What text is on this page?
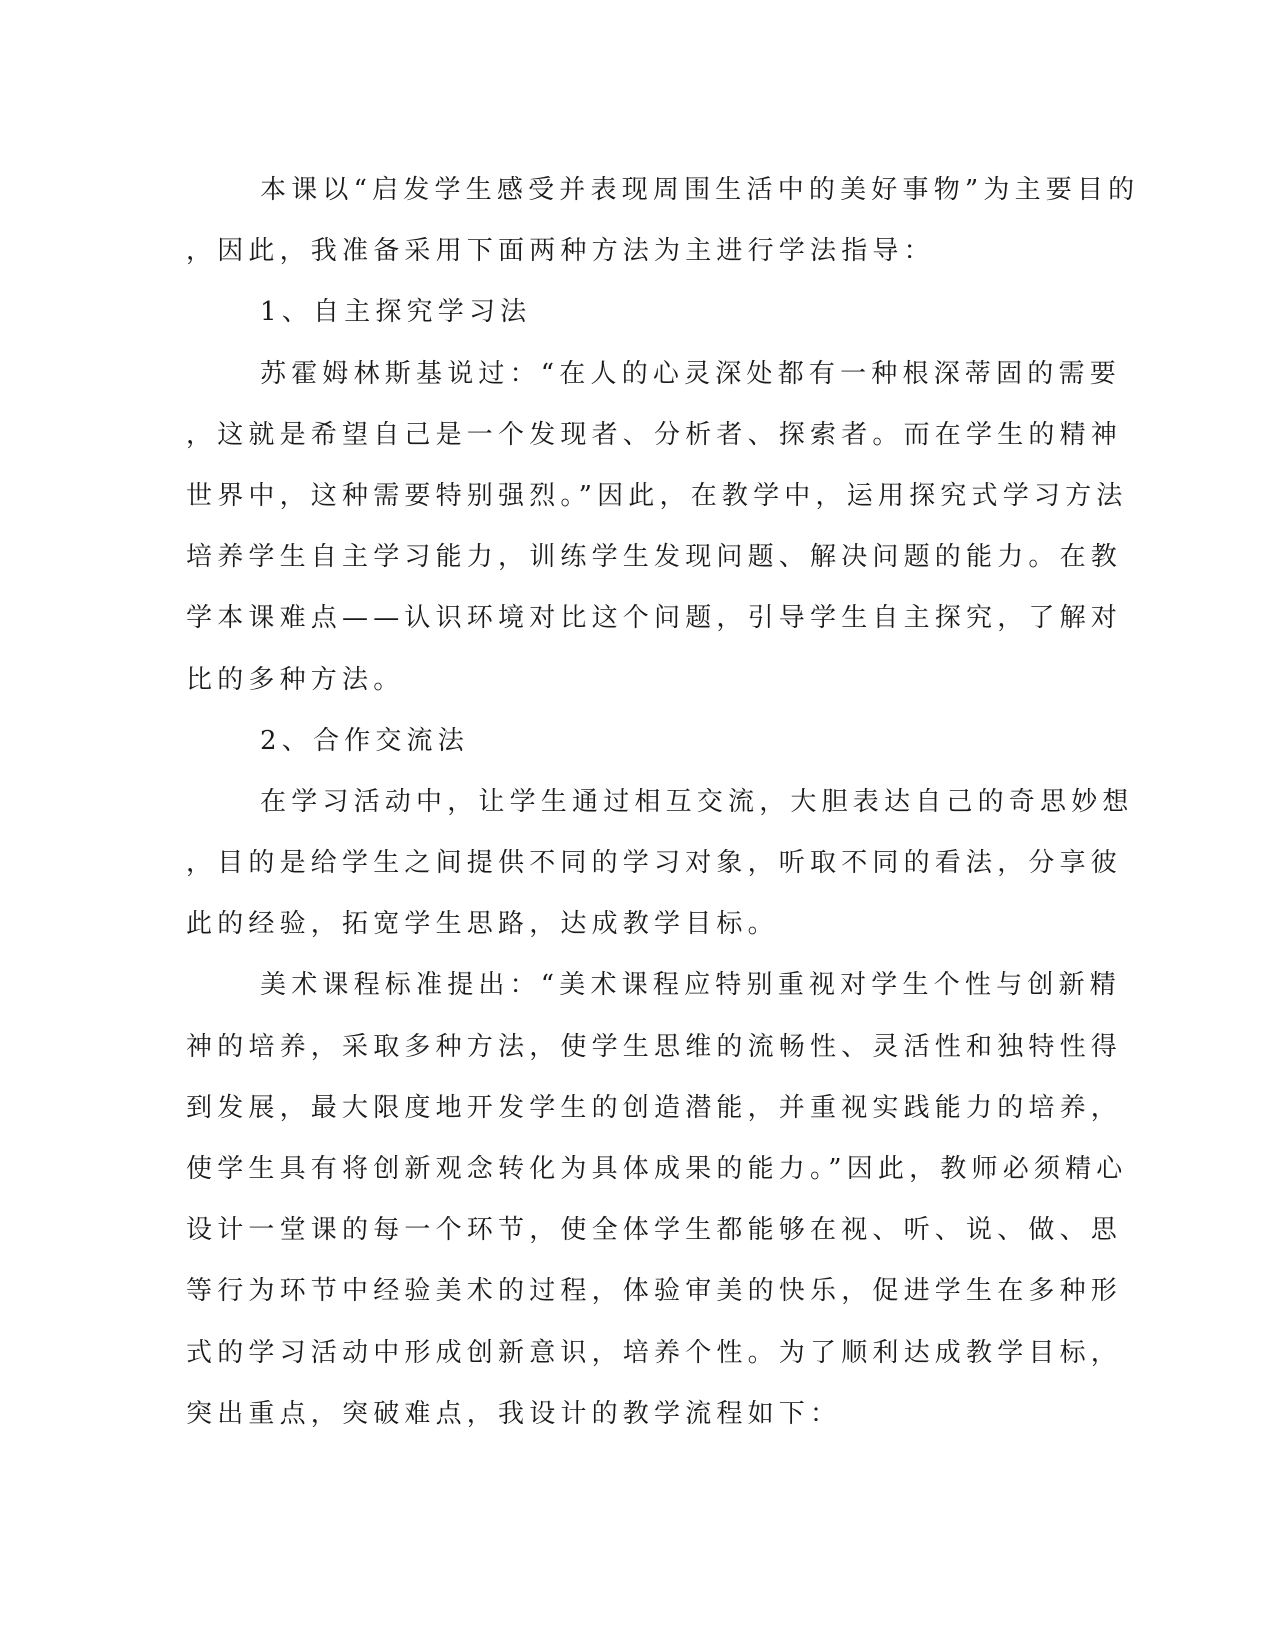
本课以“启发学生感受并表现周围生活中的美好事物”为主要目的
，因此，我准备采用下面两种方法为主进行学法指导：
1、自主探究学习法
苏霍姆林斯基说过：“在人的心灵深处都有一种根深蒂固的需要
，这就是希望自己是一个发现者、分析者、探索者。而在学生的精神
世界中，这种需要特别强烈。”因此，在教学中，运用探究式学习方法
培养学生自主学习能力，训练学生发现问题、解决问题的能力。在教
学本课难点——认识环境对比这个问题，引导学生自主探究，了解对
比的多种方法。
2、合作交流法
在学习活动中，让学生通过相互交流，大胆表达自己的奇思妙想
，目的是给学生之间提供不同的学习对象，听取不同的看法，分享彼
此的经验，拓宽学生思路，达成教学目标。
美术课程标准提出：“美术课程应特别重视对学生个性与创新精
神的培养，采取多种方法，使学生思维的流畅性、灵活性和独特性得
到发展，最大限度地开发学生的创造潜能，并重视实践能力的培养，
使学生具有将创新观念转化为具体成果的能力。”因此，教师必须精心
设计一堂课的每一个环节，使全体学生都能够在视、听、说、做、思
等行为环节中经验美术的过程，体验审美的快乐，促进学生在多种形
式的学习活动中形成创新意识，培养个性。为了顺利达成教学目标，
突出重点，突破难点，我设计的教学流程如下：
